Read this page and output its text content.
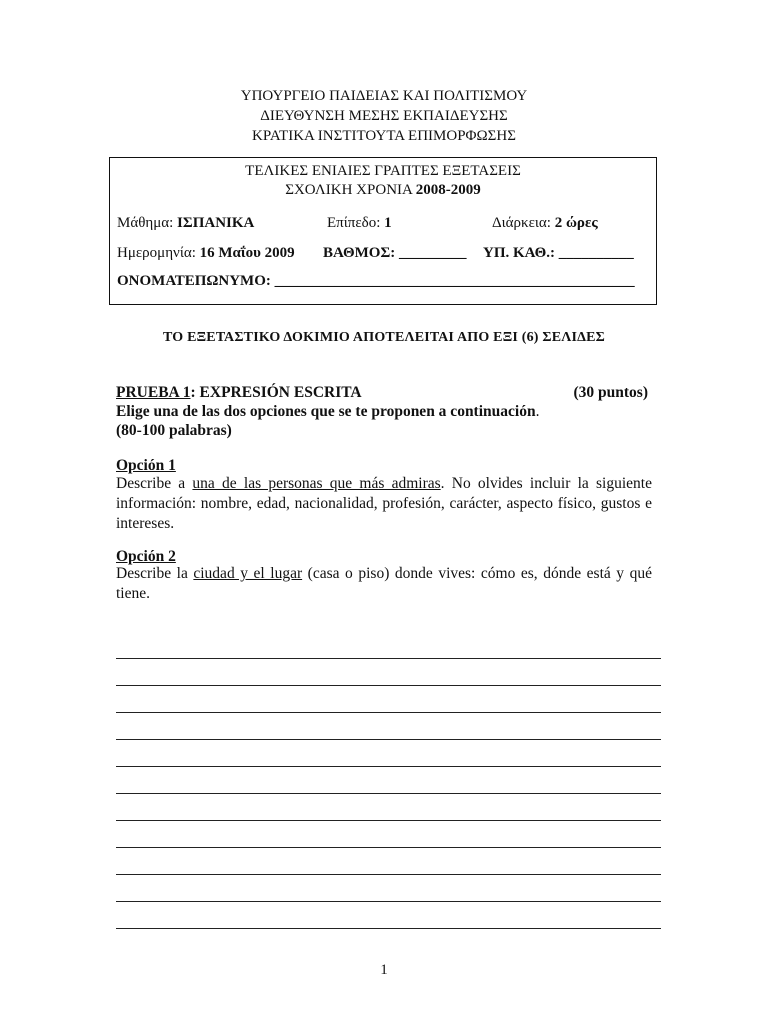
ΥΠΟΥΡΓΕΙΟ ΠΑΙΔΕΙΑΣ ΚΑΙ ΠΟΛΙΤΙΣΜΟΥ
ΔΙΕΥΘΥΝΣΗ ΜΕΣΗΣ ΕΚΠΑΙΔΕΥΣΗΣ
ΚΡΑΤΙΚΑ ΙΝΣΤΙΤΟΥΤΑ ΕΠΙΜΟΡΦΩΣΗΣ
ΤΕΛΙΚΕΣ ΕΝΙΑΙΕΣ ΓΡΑΠΤΕΣ ΕΞΕΤΑΣΕΙΣ
ΣΧΟΛΙΚΗ ΧΡΟΝΙΑ 2008-2009
Μάθημα: ΙΣΠΑΝΙΚΑ	Επίπεδο: 1	Διάρκεια: 2 ώρες
Ημερομηνία: 16 Μαΐου 2009 ΒΑΘΜΟΣ: _________ ΥΠ. ΚΑΘ.: __________
ΟΝΟΜΑΤΕΠΩΝΥΜΟ: ________________________________________________
ΤΟ ΕΞΕΤΑΣΤΙΚΟ ΔΟΚΙΜΙΟ ΑΠΟΤΕΛΕΙΤΑΙ ΑΠΟ ΕΞΙ (6) ΣΕΛΙΔΕΣ
PRUEBA 1: EXPRESIÓN ESCRITA	(30 puntos)
Elige una de las dos opciones que se te proponen a continuación.
(80-100 palabras)
Opción 1
Describe a una de las personas que más admiras. No olvides incluir la siguiente información: nombre, edad, nacionalidad, profesión, carácter, aspecto físico, gustos e intereses.
Opción 2
Describe la ciudad y el lugar (casa o piso) donde vives: cómo es, dónde está y qué tiene.
1
